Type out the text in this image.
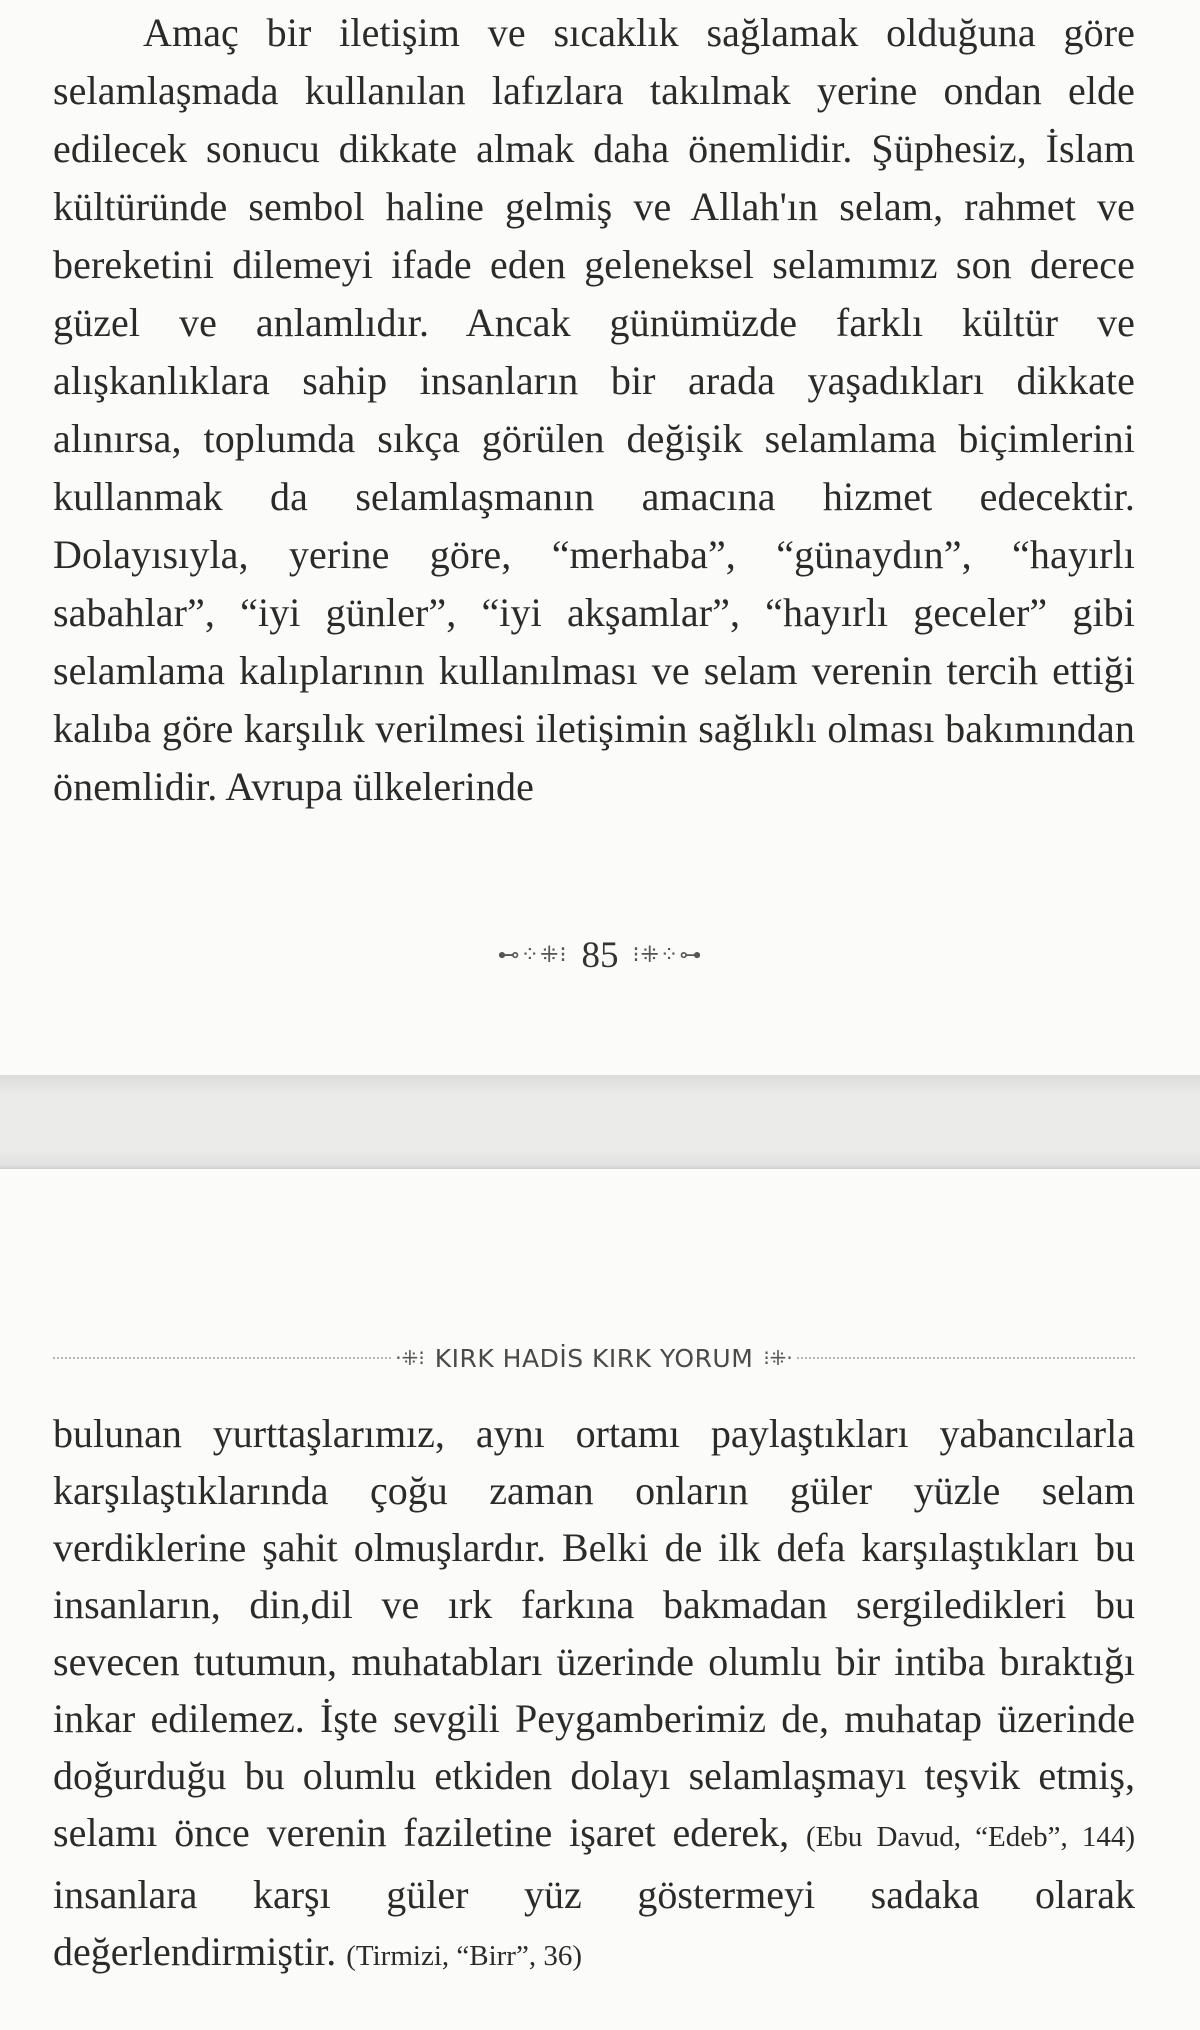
Amaç bir iletişim ve sıcaklık sağlamak olduğuna göre selamlaşmada kullanılan lafızlara takılmak yerine ondan elde edilecek sonucu dikkate almak daha önemlidir. Şüphesiz, İslam kültüründe sembol haline gelmiş ve Allah'ın selam, rahmet ve bereketini dilemeyi ifade eden geleneksel selamımız son derece güzel ve anlamlıdır. Ancak günümüzde farklı kültür ve alışkanlıklara sahip insanların bir arada yaşadıkları dikkate alınırsa, toplumda sıkça görülen değişik selamlama biçimlerini kullanmak da selamlaşmanın amacına hizmet edecektir. Dolayısıyla, yerine göre, “merhaba”, “günaydın”, “hayırlı sabahlar”, “iyi günler”, “iyi akşamlar”, “hayırlı geceler” gibi selamlama kalıplarının kullanılması ve selam verenin tercih ettiği kalıba göre karşılık verilmesi iletişimin sağlıklı olması bakımından önemlidir. Avrupa ülkelerinde

⊷⁘⁜⁝ 85 ⁝⁜⁘⊶
·⁜⁝ KIRK HADİS KIRK YORUM ⁝⁜·

bulunan yurttaşlarımız, aynı ortamı paylaştıkları yabancılarla karşılaştıklarında çoğu zaman onların güler yüzle selam verdiklerine şahit olmuşlardır. Belki de ilk defa karşılaştıkları bu insanların, din,dil ve ırk farkına bakmadan sergiledikleri bu sevecen tutumun, muhatabları üzerinde olumlu bir intiba bıraktığı inkar edilemez. İşte sevgili Peygamberimiz de, muhatap üzerinde doğurduğu bu olumlu etkiden dolayı selamlaşmayı teşvik etmiş, selamı önce verenin faziletine işaret ederek, (Ebu Davud, “Edeb”, 144) insanlara karşı güler yüz göstermeyi sadaka olarak değerlendirmiştir. (Tirmizi, “Birr”, 36)
